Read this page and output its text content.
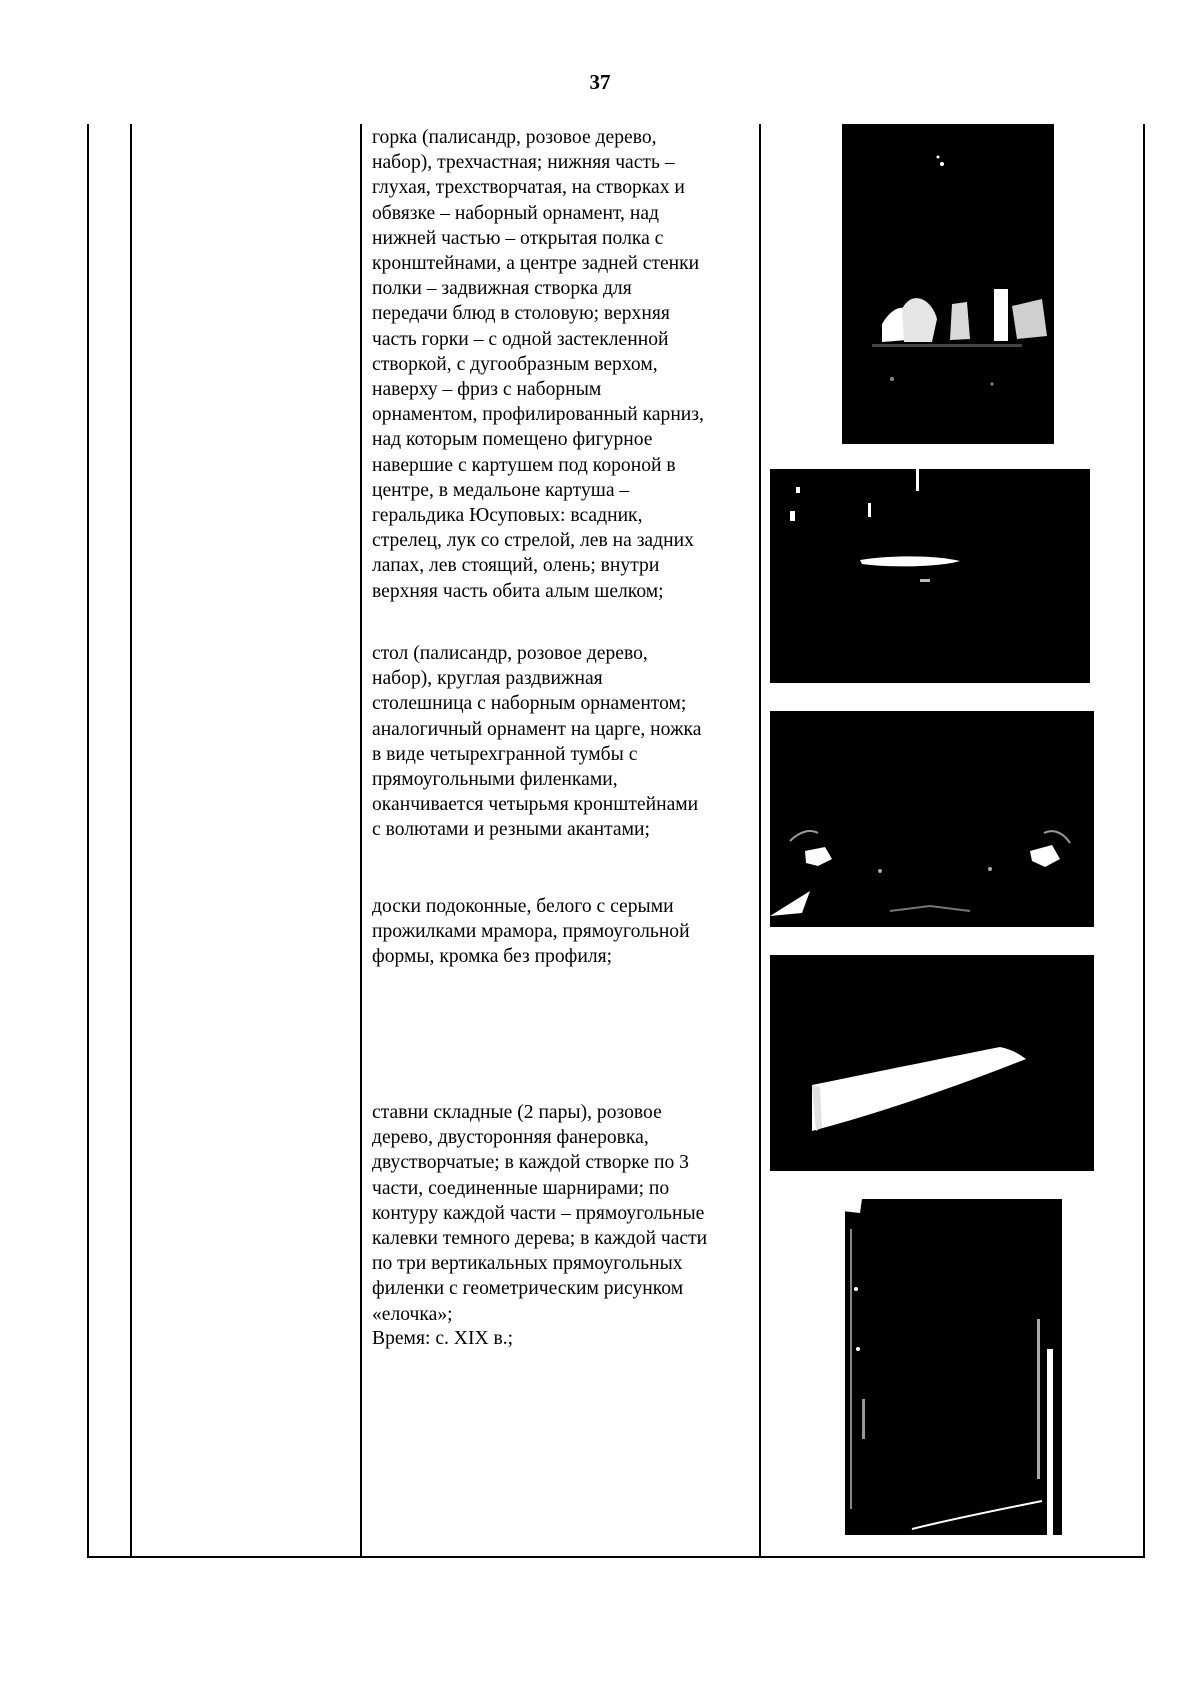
37
горка (палисандр, розовое дерево,
набор), трехчастная; нижняя часть –
глухая, трехстворчатая, на створках и
обвязке – наборный орнамент, над
нижней частью – открытая полка с
кронштейнами, а центре задней стенки
полки – задвижная створка для
передачи блюд в столовую; верхняя
часть горки – с одной застекленной
створкой, с дугообразным верхом,
наверху – фриз с наборным
орнаментом, профилированный карниз,
над которым помещено фигурное
навершие с картушем под короной в
центре, в медальоне картуша –
геральдика Юсуповых: всадник,
стрелец, лук со стрелой, лев на задних
лапах, лев стоящий, олень; внутри
верхняя часть обита алым шелком;
стол (палисандр, розовое дерево,
набор), круглая раздвижная
столешница с наборным орнаментом;
аналогичный орнамент на царге, ножка
в виде четырехгранной тумбы с
прямоугольными филенками,
оканчивается четырьмя кронштейнами
с волютами и резными акантами;
доски подоконные, белого с серыми
прожилками мрамора, прямоугольной
формы, кромка без профиля;
ставни складные (2 пары), розовое
дерево, двусторонняя фанеровка,
двустворчатые; в каждой створке по 3
части, соединенные шарнирами; по
контуру каждой части – прямоугольные
калевки темного дерева; в каждой части
по три вертикальных прямоугольных
филенки с геометрическим рисунком
«елочка»;
Время: с. XIX в.;
